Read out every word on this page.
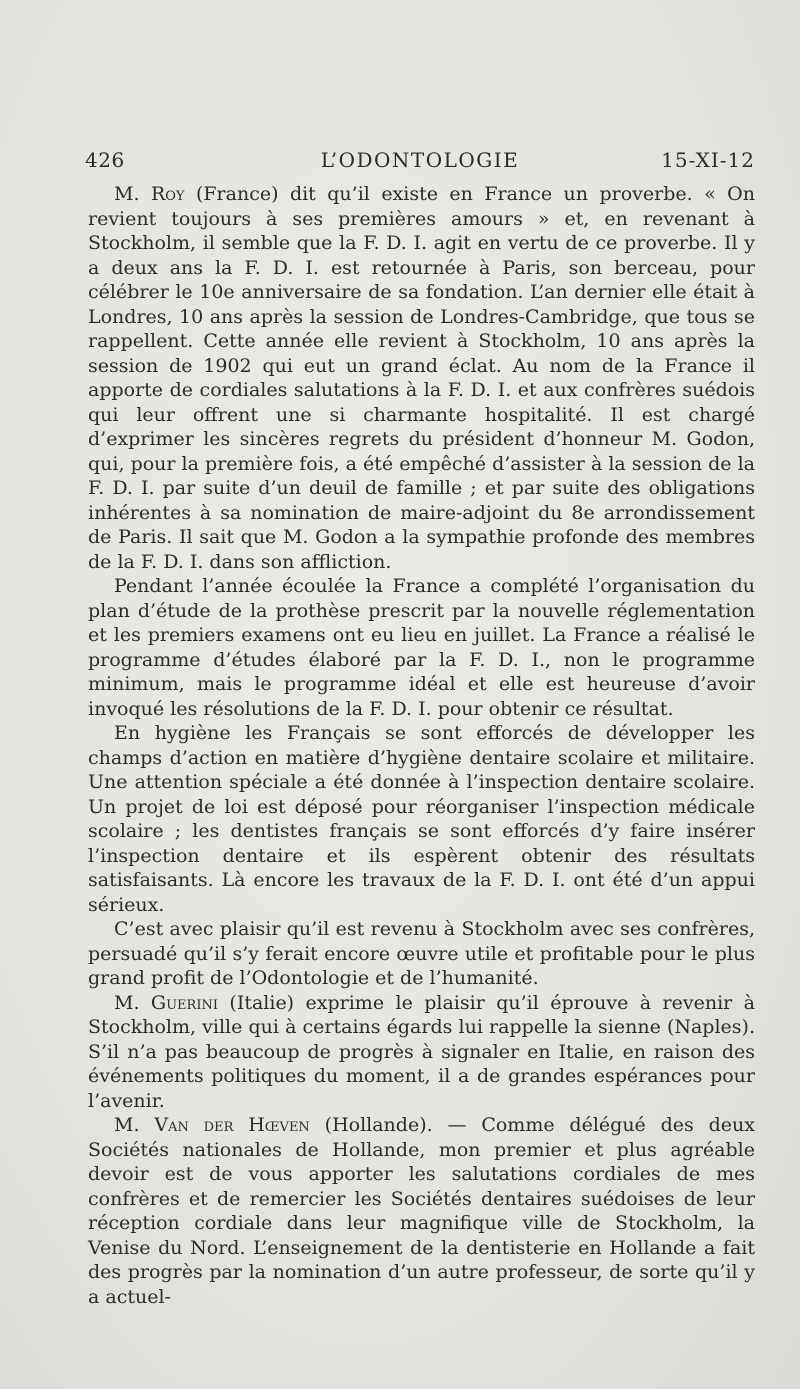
426	L’ODONTOLOGIE	15-XI-12

M. Roy (France) dit qu’il existe en France un proverbe. « On revient toujours à ses premières amours » et, en revenant à Stockholm, il semble que la F. D. I. agit en vertu de ce proverbe. Il y a deux ans la F. D. I. est retournée à Paris, son berceau, pour célébrer le 10e anniversaire de sa fondation. L’an dernier elle était à Londres, 10 ans après la session de Londres-Cambridge, que tous se rappellent. Cette année elle revient à Stockholm, 10 ans après la session de 1902 qui eut un grand éclat. Au nom de la France il apporte de cordiales salutations à la F. D. I. et aux confrères suédois qui leur offrent une si charmante hospitalité. Il est chargé d’exprimer les sincères regrets du président d’honneur M. Godon, qui, pour la première fois, a été empêché d’assister à la session de la F. D. I. par suite d’un deuil de famille ; et par suite des obligations inhérentes à sa nomination de maire-adjoint du 8e arrondissement de Paris. Il sait que M. Godon a la sympathie profonde des membres de la F. D. I. dans son affliction.

Pendant l’année écoulée la France a complété l’organisation du plan d’étude de la prothèse prescrit par la nouvelle réglementation et les premiers examens ont eu lieu en juillet. La France a réalisé le programme d’études élaboré par la F. D. I., non le programme minimum, mais le programme idéal et elle est heureuse d’avoir invoqué les résolutions de la F. D. I. pour obtenir ce résultat.

En hygiène les Français se sont efforcés de développer les champs d’action en matière d’hygiène dentaire scolaire et militaire. Une attention spéciale a été donnée à l’inspection dentaire scolaire. Un projet de loi est déposé pour réorganiser l’inspection médicale scolaire ; les dentistes français se sont efforcés d’y faire insérer l’inspection dentaire et ils espèrent obtenir des résultats satisfaisants. Là encore les travaux de la F. D. I. ont été d’un appui sérieux.

C’est avec plaisir qu’il est revenu à Stockholm avec ses confrères, persuadé qu’il s’y ferait encore œuvre utile et profitable pour le plus grand profit de l’Odontologie et de l’humanité.

M. Guerini (Italie) exprime le plaisir qu’il éprouve à revenir à Stockholm, ville qui à certains égards lui rappelle la sienne (Naples). S’il n’a pas beaucoup de progrès à signaler en Italie, en raison des événements politiques du moment, il a de grandes espérances pour l’avenir.

M. Van der Hœven (Hollande). — Comme délégué des deux Sociétés nationales de Hollande, mon premier et plus agréable devoir est de vous apporter les salutations cordiales de mes confrères et de remercier les Sociétés dentaires suédoises de leur réception cordiale dans leur magnifique ville de Stockholm, la Venise du Nord. L’enseignement de la dentisterie en Hollande a fait des progrès par la nomination d’un autre professeur, de sorte qu’il y a actuel-
